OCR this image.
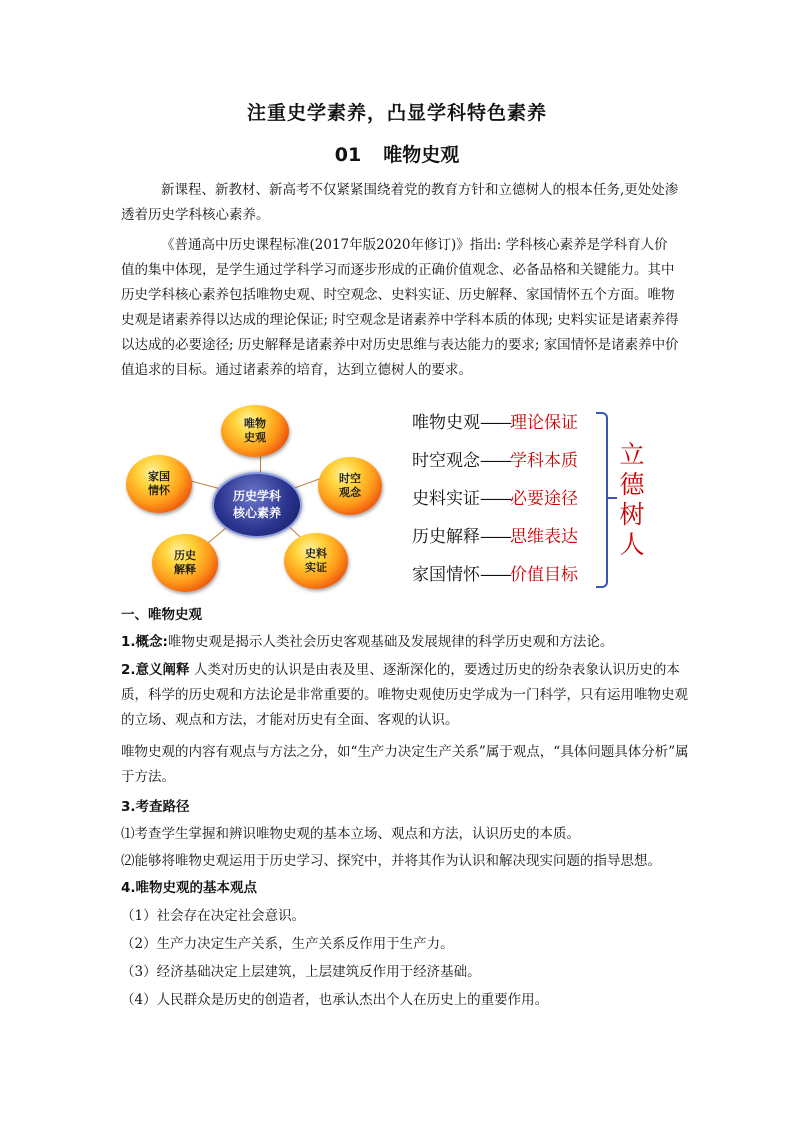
注重史学素养，凸显学科特色素养
01 唯物史观
新课程、新教材、新高考不仅紧紧围绕着党的教育方针和立德树人的根本任务,更处处渗透着历史学科核心素养。
《普通高中历史课程标准(2017年版2020年修订)》指出: 学科核心素养是学科育人价值的集中体现，是学生通过学科学习而逐步形成的正确价值观念、必备品格和关键能力。其中历史学科核心素养包括唯物史观、时空观念、史料实证、历史解释、家国情怀五个方面。唯物史观是诸素养得以达成的理论保证; 时空观念是诸素养中学科本质的体现; 史料实证是诸素养得以达成的必要途径; 历史解释是诸素养中对历史思维与表达能力的要求; 家国情怀是诸素养中价值追求的目标。通过诸素养的培育，达到立德树人的要求。
历史学科
核心素养
唯物
史观
时空
观念
史料
实证
历史
解释
家国
情怀
唯物史观——理论保证
时空观念——学科本质
史料实证——必要途径
历史解释——思维表达
家国情怀——价值目标
立德树人
一、唯物史观
1.概念:唯物史观是揭示人类社会历史客观基础及发展规律的科学历史观和方法论。
2.意义阐释 人类对历史的认识是由表及里、逐渐深化的，要透过历史的纷杂表象认识历史的本质，科学的历史观和方法论是非常重要的。唯物史观使历史学成为一门科学，只有运用唯物史观的立场、观点和方法，才能对历史有全面、客观的认识。
唯物史观的内容有观点与方法之分，如“生产力决定生产关系”属于观点，“具体问题具体分析”属于方法。
3.考查路径
⑴考查学生掌握和辨识唯物史观的基本立场、观点和方法，认识历史的本质。
⑵能够将唯物史观运用于历史学习、探究中，并将其作为认识和解决现实问题的指导思想。
4.唯物史观的基本观点
（1）社会存在决定社会意识。
（2）生产力决定生产关系，生产关系反作用于生产力。
（3）经济基础决定上层建筑，上层建筑反作用于经济基础。
（4）人民群众是历史的创造者，也承认杰出个人在历史上的重要作用。
